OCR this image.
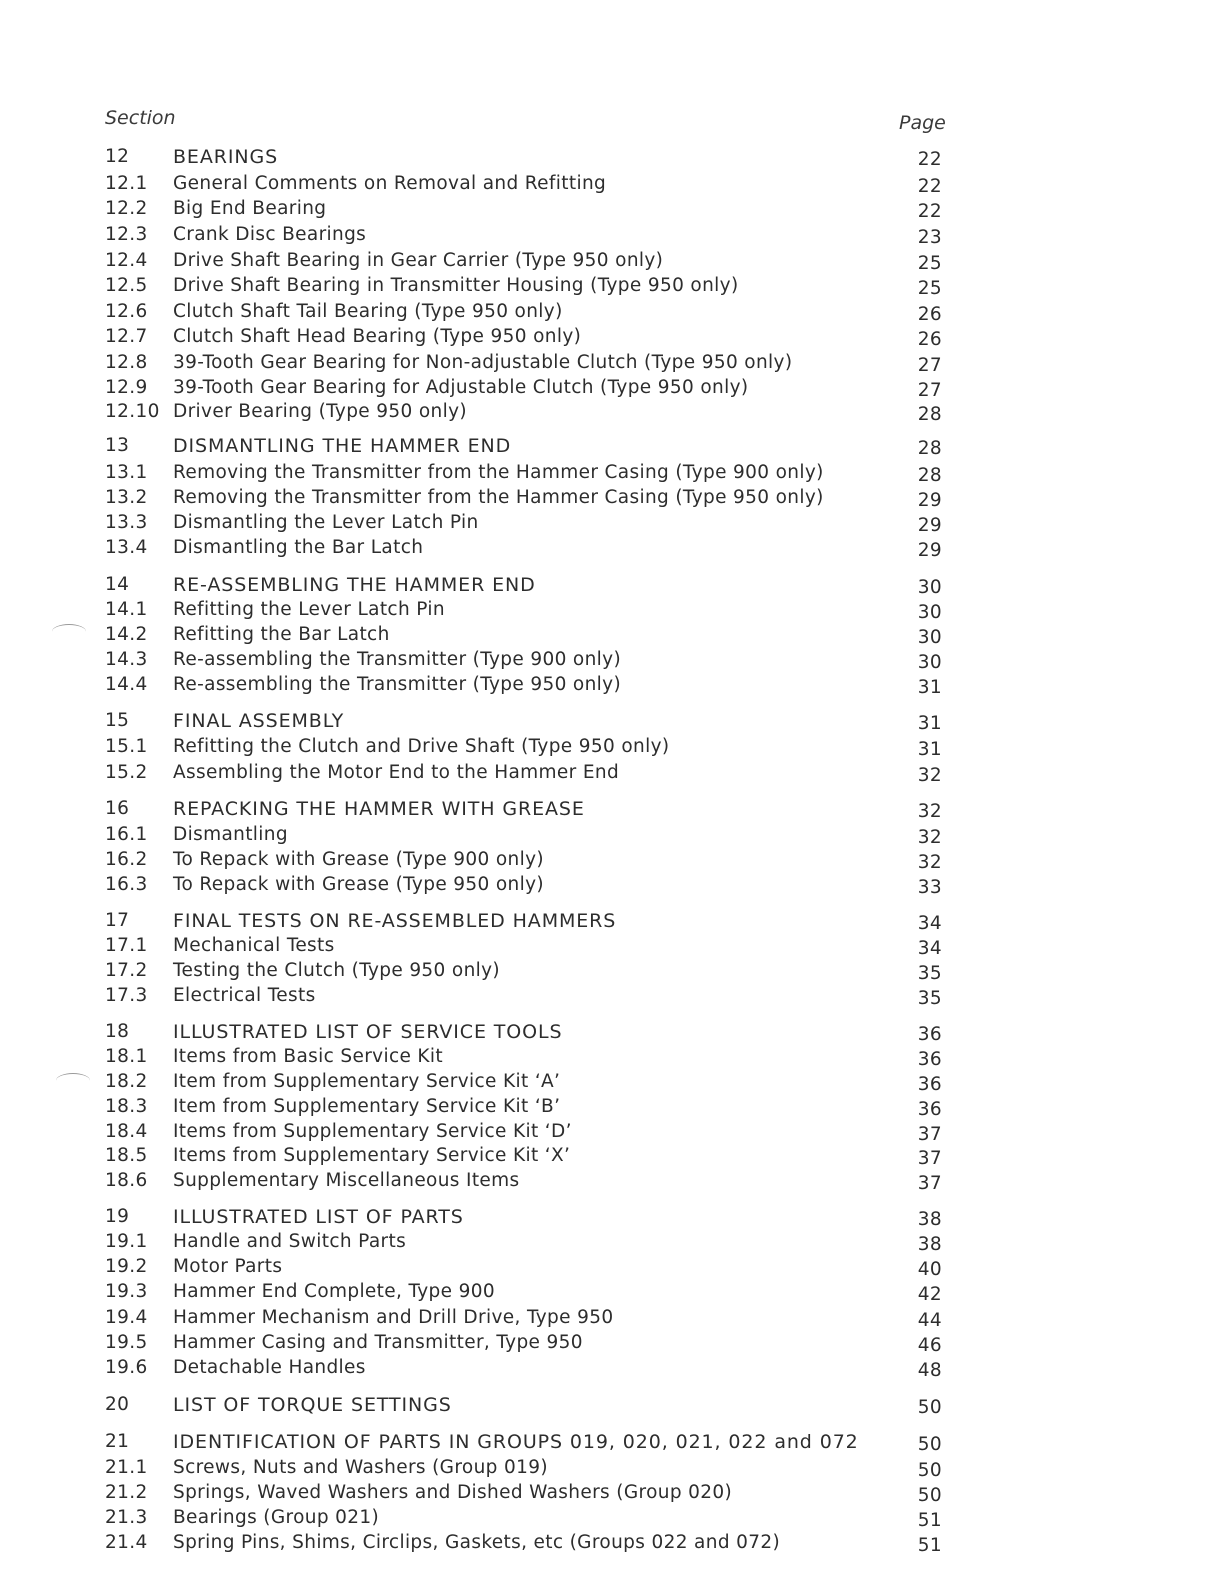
Section	Page
12 BEARINGS	22
12.1 General Comments on Removal and Refitting	22
12.2 Big End Bearing	22
12.3 Crank Disc Bearings	23
12.4 Drive Shaft Bearing in Gear Carrier (Type 950 only)	25
12.5 Drive Shaft Bearing in Transmitter Housing (Type 950 only)	25
12.6 Clutch Shaft Tail Bearing (Type 950 only)	26
12.7 Clutch Shaft Head Bearing (Type 950 only)	26
12.8 39-Tooth Gear Bearing for Non-adjustable Clutch (Type 950 only)	27
12.9 39-Tooth Gear Bearing for Adjustable Clutch (Type 950 only)	27
12.10 Driver Bearing (Type 950 only)	28
13 DISMANTLING THE HAMMER END	28
13.1 Removing the Transmitter from the Hammer Casing (Type 900 only)	28
13.2 Removing the Transmitter from the Hammer Casing (Type 950 only)	29
13.3 Dismantling the Lever Latch Pin	29
13.4 Dismantling the Bar Latch	29
14 RE-ASSEMBLING THE HAMMER END	30
14.1 Refitting the Lever Latch Pin	30
14.2 Refitting the Bar Latch	30
14.3 Re-assembling the Transmitter (Type 900 only)	30
14.4 Re-assembling the Transmitter (Type 950 only)	31
15 FINAL ASSEMBLY	31
15.1 Refitting the Clutch and Drive Shaft (Type 950 only)	31
15.2 Assembling the Motor End to the Hammer End	32
16 REPACKING THE HAMMER WITH GREASE	32
16.1 Dismantling	32
16.2 To Repack with Grease (Type 900 only)	32
16.3 To Repack with Grease (Type 950 only)	33
17 FINAL TESTS ON RE-ASSEMBLED HAMMERS	34
17.1 Mechanical Tests	34
17.2 Testing the Clutch (Type 950 only)	35
17.3 Electrical Tests	35
18 ILLUSTRATED LIST OF SERVICE TOOLS	36
18.1 Items from Basic Service Kit	36
18.2 Item from Supplementary Service Kit ‘A’	36
18.3 Item from Supplementary Service Kit ‘B’	36
18.4 Items from Supplementary Service Kit ‘D’	37
18.5 Items from Supplementary Service Kit ‘X’	37
18.6 Supplementary Miscellaneous Items	37
19 ILLUSTRATED LIST OF PARTS	38
19.1 Handle and Switch Parts	38
19.2 Motor Parts	40
19.3 Hammer End Complete, Type 900	42
19.4 Hammer Mechanism and Drill Drive, Type 950	44
19.5 Hammer Casing and Transmitter, Type 950	46
19.6 Detachable Handles	48
20 LIST OF TORQUE SETTINGS	50
21 IDENTIFICATION OF PARTS IN GROUPS 019, 020, 021, 022 and 072	50
21.1 Screws, Nuts and Washers (Group 019)	50
21.2 Springs, Waved Washers and Dished Washers (Group 020)	50
21.3 Bearings (Group 021)	51
21.4 Spring Pins, Shims, Circlips, Gaskets, etc (Groups 022 and 072)	51
